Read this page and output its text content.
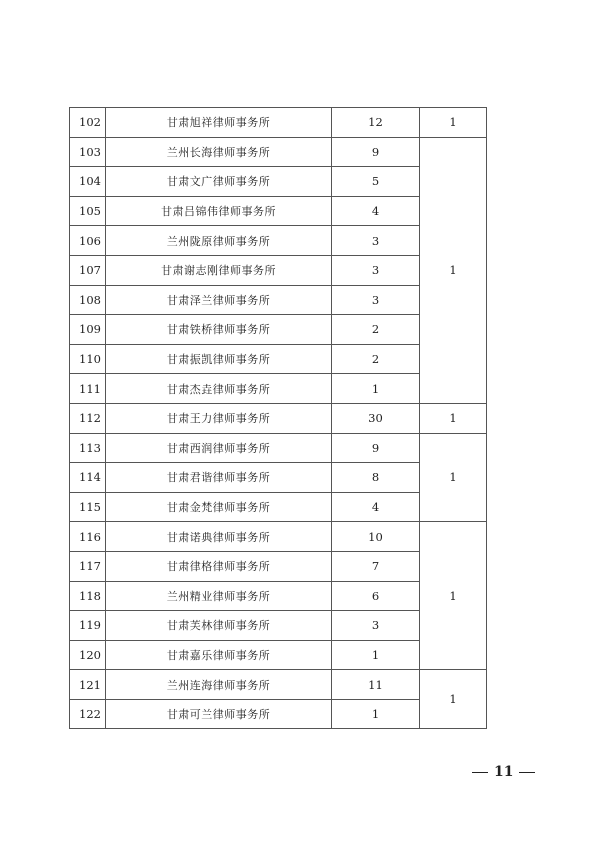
102	甘肃旭祥律师事务所	12	1
103	兰州长海律师事务所	9	1
104	甘肃文广律师事务所	5	
105	甘肃吕锦伟律师事务所	4	
106	兰州陇原律师事务所	3	
107	甘肃谢志刚律师事务所	3	
108	甘肃泽兰律师事务所	3	
109	甘肃铁桥律师事务所	2	
110	甘肃振凯律师事务所	2	
111	甘肃杰垚律师事务所	1	
112	甘肃王力律师事务所	30	1
113	甘肃西润律师事务所	9	1
114	甘肃君谐律师事务所	8	
115	甘肃金梵律师事务所	4	
116	甘肃诺典律师事务所	10	1
117	甘肃律格律师事务所	7	
118	兰州精业律师事务所	6	
119	甘肃芙林律师事务所	3	
120	甘肃嘉乐律师事务所	1	
121	兰州连海律师事务所	11	1
122	甘肃可兰律师事务所	1	
11
